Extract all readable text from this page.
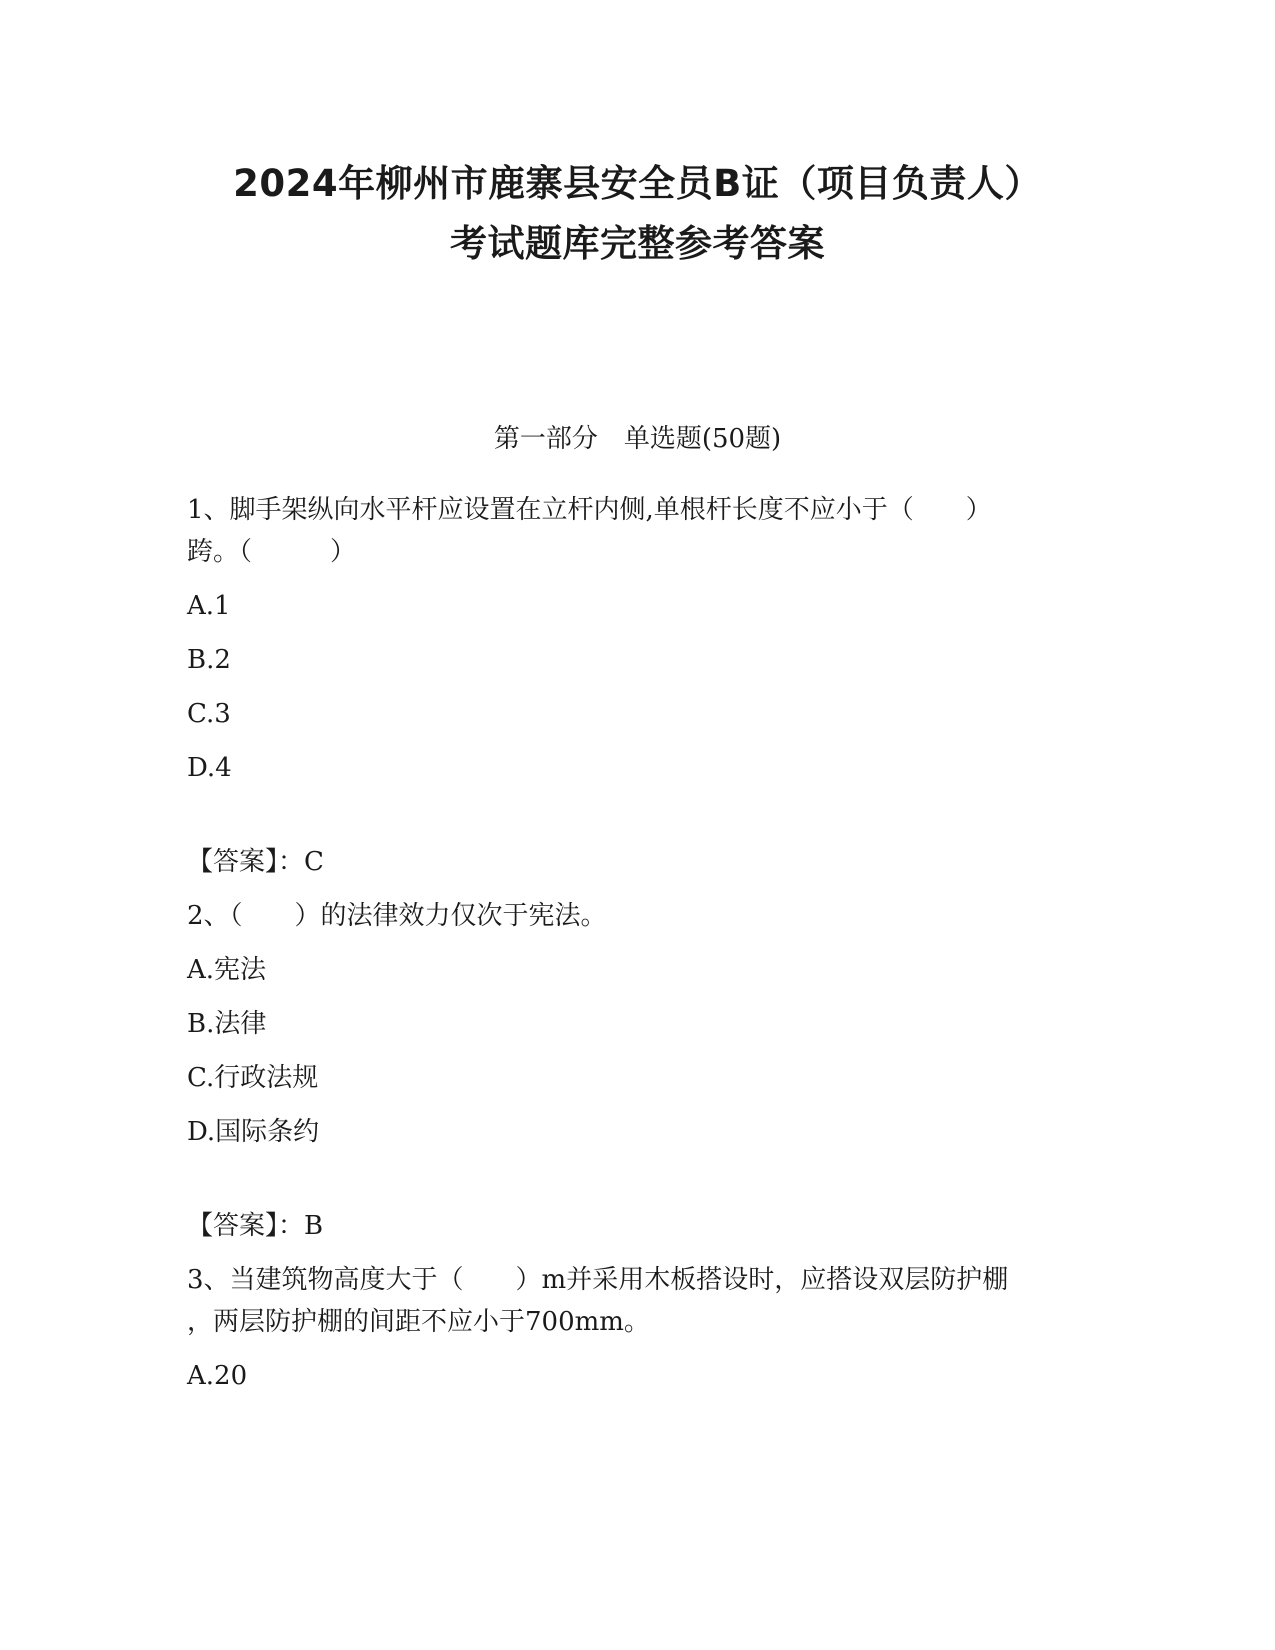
2024年柳州市鹿寨县安全员B证（项目负责人）
考试题库完整参考答案
第一部分　单选题(50题)
1、脚手架纵向水平杆应设置在立杆内侧,单根杆长度不应小于（　　）
跨。（　　　）
A.1
B.2
C.3
D.4
【答案】：C
2、（　　）的法律效力仅次于宪法。
A.宪法
B.法律
C.行政法规
D.国际条约
【答案】：B
3、当建筑物高度大于（　　）m并采用木板搭设时，应搭设双层防护棚
，两层防护棚的间距不应小于700mm。
A.20
